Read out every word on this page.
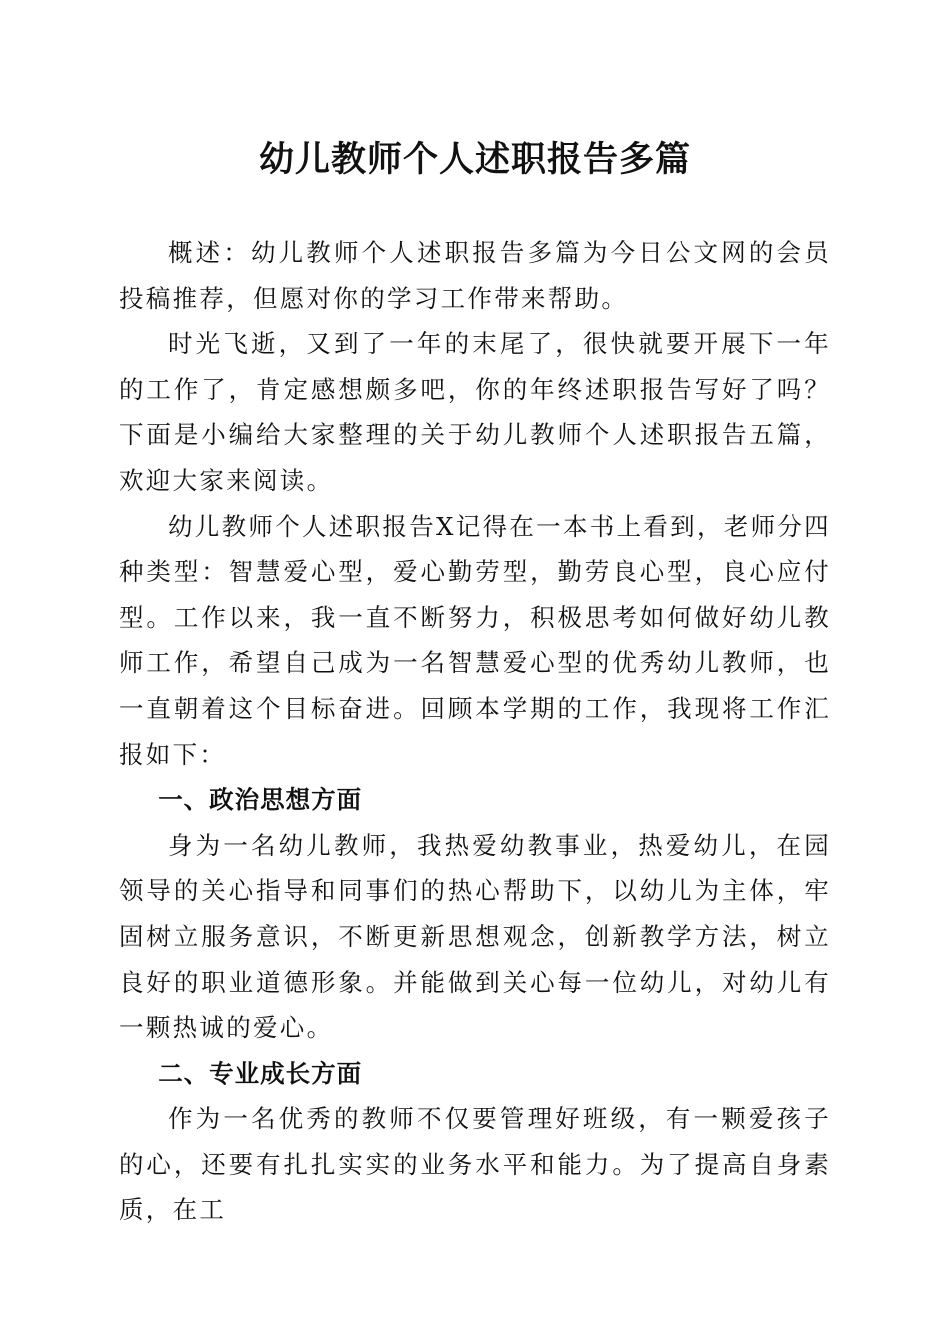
幼儿教师个人述职报告多篇

概述：幼儿教师个人述职报告多篇为今日公文网的会员投稿推荐，但愿对你的学习工作带来帮助。

时光飞逝，又到了一年的末尾了，很快就要开展下一年的工作了，肯定感想颇多吧，你的年终述职报告写好了吗？下面是小编给大家整理的关于幼儿教师个人述职报告五篇，欢迎大家来阅读。

幼儿教师个人述职报告X记得在一本书上看到，老师分四种类型：智慧爱心型，爱心勤劳型，勤劳良心型，良心应付型。工作以来，我一直不断努力，积极思考如何做好幼儿教师工作，希望自己成为一名智慧爱心型的优秀幼儿教师，也一直朝着这个目标奋进。回顾本学期的工作，我现将工作汇报如下：

一、政治思想方面

身为一名幼儿教师，我热爱幼教事业，热爱幼儿，在园领导的关心指导和同事们的热心帮助下，以幼儿为主体，牢固树立服务意识，不断更新思想观念，创新教学方法，树立良好的职业道德形象。并能做到关心每一位幼儿，对幼儿有一颗热诚的爱心。

二、专业成长方面

作为一名优秀的教师不仅要管理好班级，有一颗爱孩子的心，还要有扎扎实实的业务水平和能力。为了提高自身素质，在工
